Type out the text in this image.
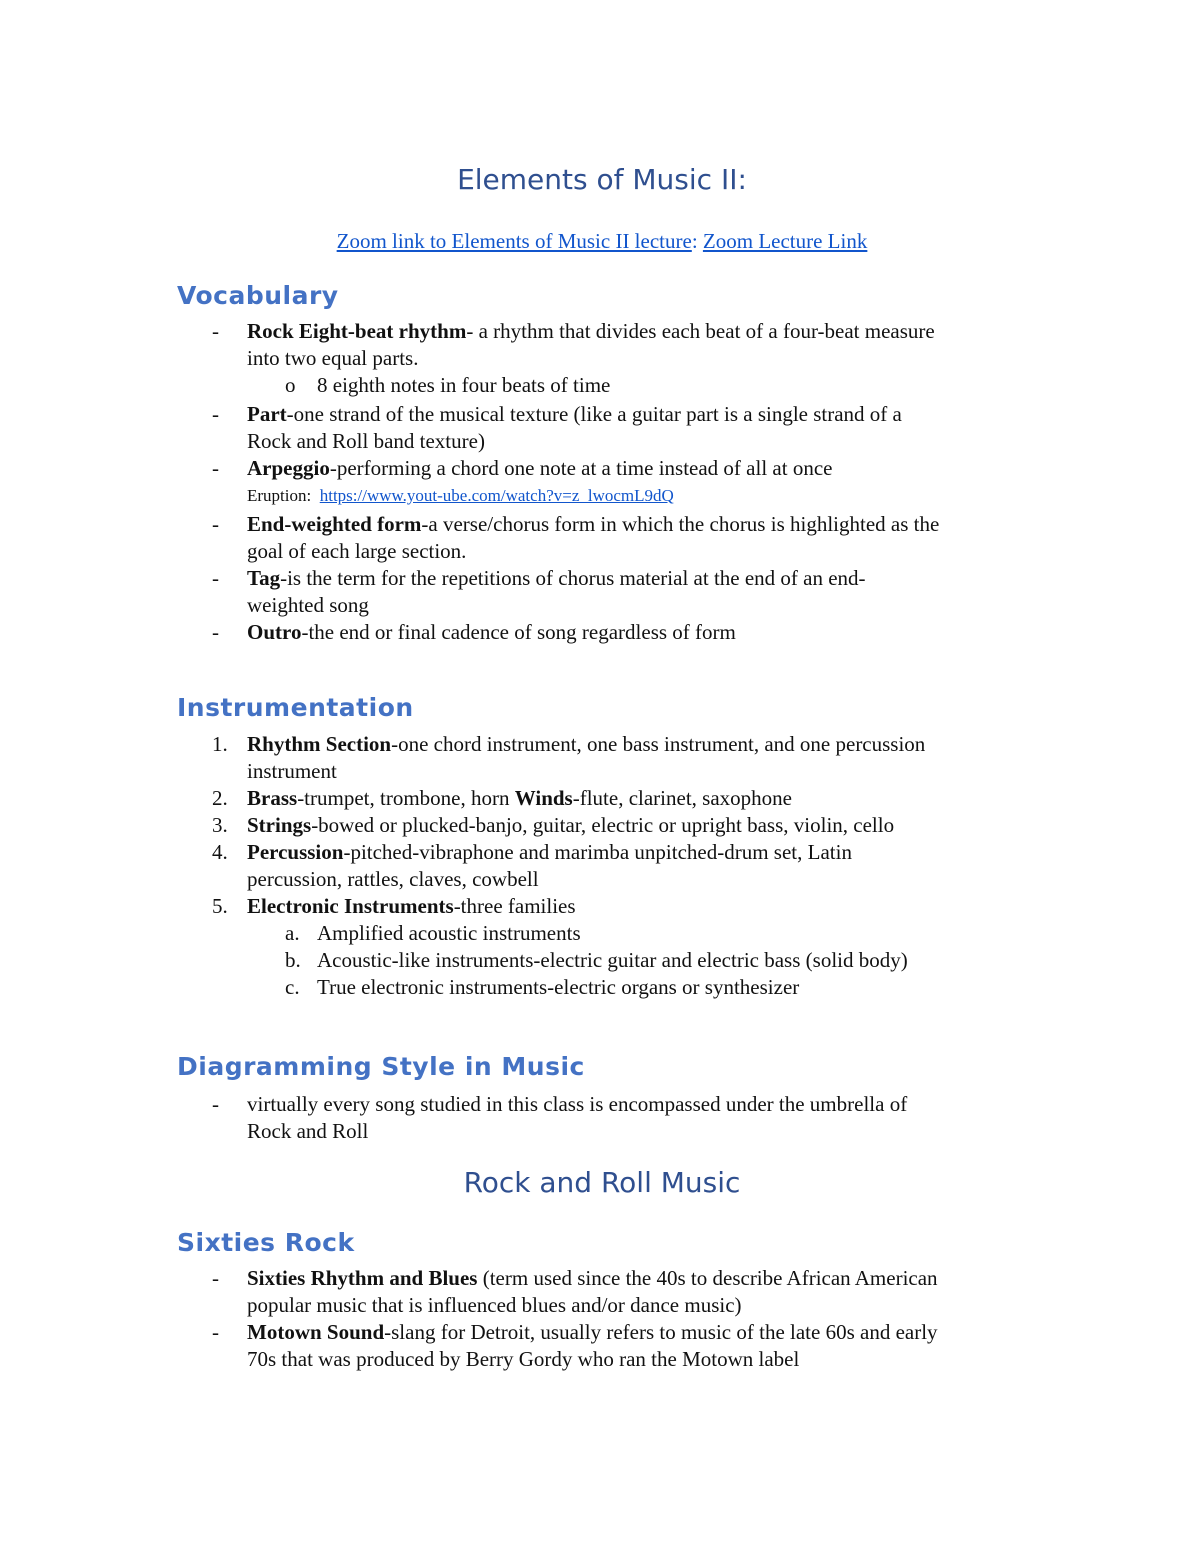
Elements of Music II:
Zoom link to Elements of Music II lecture: Zoom Lecture Link
Vocabulary
- Rock Eight-beat rhythm- a rhythm that divides each beat of a four-beat measure
into two equal parts.
o 8 eighth notes in four beats of time
- Part-one strand of the musical texture (like a guitar part is a single strand of a
Rock and Roll band texture)
- Arpeggio-performing a chord one note at a time instead of all at once
Eruption: https://www.yout-ube.com/watch?v=z_lwocmL9dQ
- End-weighted form-a verse/chorus form in which the chorus is highlighted as the
goal of each large section.
- Tag-is the term for the repetitions of chorus material at the end of an end-
weighted song
- Outro-the end or final cadence of song regardless of form
Instrumentation
1. Rhythm Section-one chord instrument, one bass instrument, and one percussion
instrument
2. Brass-trumpet, trombone, horn Winds-flute, clarinet, saxophone
3. Strings-bowed or plucked-banjo, guitar, electric or upright bass, violin, cello
4. Percussion-pitched-vibraphone and marimba unpitched-drum set, Latin
percussion, rattles, claves, cowbell
5. Electronic Instruments-three families
a. Amplified acoustic instruments
b. Acoustic-like instruments-electric guitar and electric bass (solid body)
c. True electronic instruments-electric organs or synthesizer
Diagramming Style in Music
- virtually every song studied in this class is encompassed under the umbrella of
Rock and Roll
Rock and Roll Music
Sixties Rock
- Sixties Rhythm and Blues (term used since the 40s to describe African American
popular music that is influenced blues and/or dance music)
- Motown Sound-slang for Detroit, usually refers to music of the late 60s and early
70s that was produced by Berry Gordy who ran the Motown label
